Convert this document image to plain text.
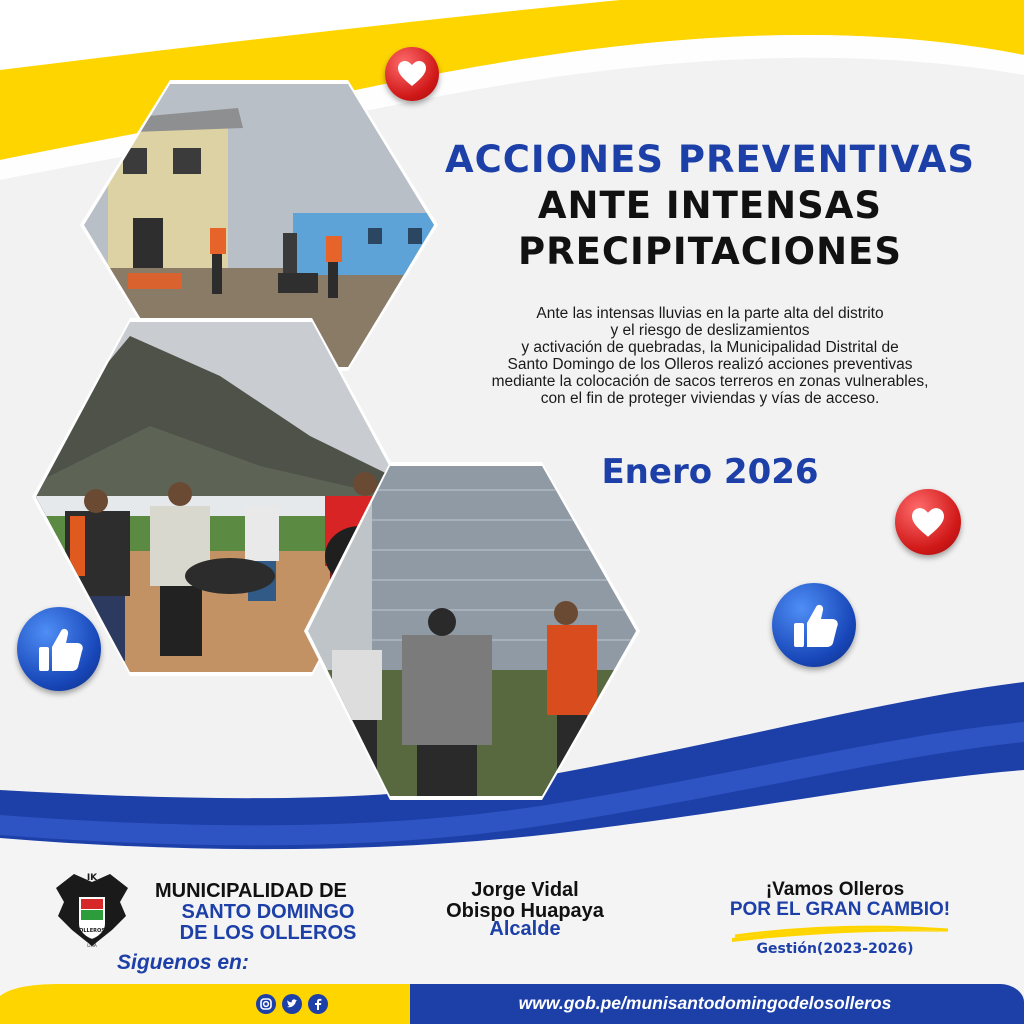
ACCIONES PREVENTIVAS
ANTE INTENSAS
PRECIPITACIONES
Ante las intensas lluvias en la parte alta del distrito
y el riesgo de deslizamientos
y activación de quebradas, la Municipalidad Distrital de
Santo Domingo de los Olleros realizó acciones preventivas
mediante la colocación de sacos terreros en zonas vulnerables,
con el fin de proteger viviendas y vías de acceso.
Enero 2026
IK
OLLEROS
LIMA
MUNICIPALIDAD DE
SANTO DOMINGO
DE LOS OLLEROS
Siguenos en:
Jorge Vidal
Obispo Huapaya
Alcalde
¡Vamos Olleros
POR EL GRAN CAMBIO!
Gestión(2023-2026)
www.gob.pe/munisantodomingodelosolleros
